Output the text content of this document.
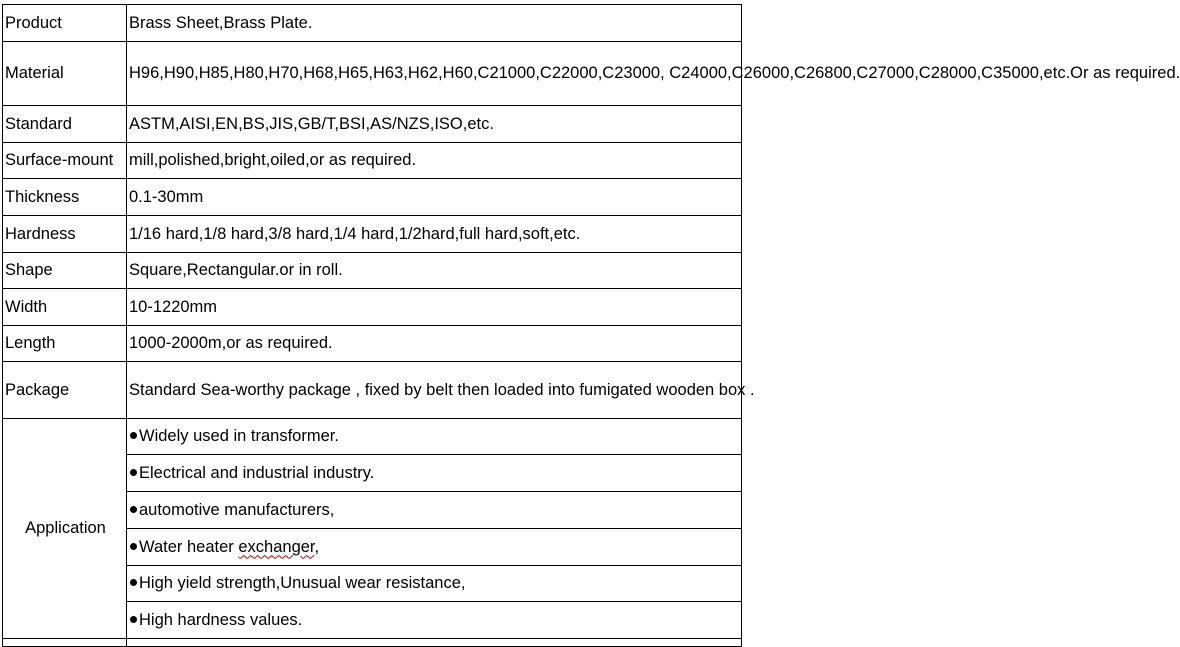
Product	Brass Sheet,Brass Plate.
Material	H96,H90,H85,H80,H70,H68,H65,H63,H62,H60,C21000,C22000,C23000, C24000,C26000,C26800,C27000,C28000,C35000,etc.Or as required.
Standard	ASTM,AISI,EN,BS,JIS,GB/T,BSI,AS/NZS,ISO,etc.
Surface-mount	mill,polished,bright,oiled,or as required.
Thickness	0.1-30mm
Hardness	1/16 hard,1/8 hard,3/8 hard,1/4 hard,1/2hard,full hard,soft,etc.
Shape	Square,Rectangular.or in roll.
Width	10-1220mm
Length	1000-2000m,or as required.
Package	Standard Sea-worthy package , fixed by belt then loaded into fumigated wooden box .
Application	Widely used in transformer.
	Electrical and industrial industry.
	automotive manufacturers,
	Water heater exchanger,
	High yield strength,Unusual wear resistance,
	High hardness values.
